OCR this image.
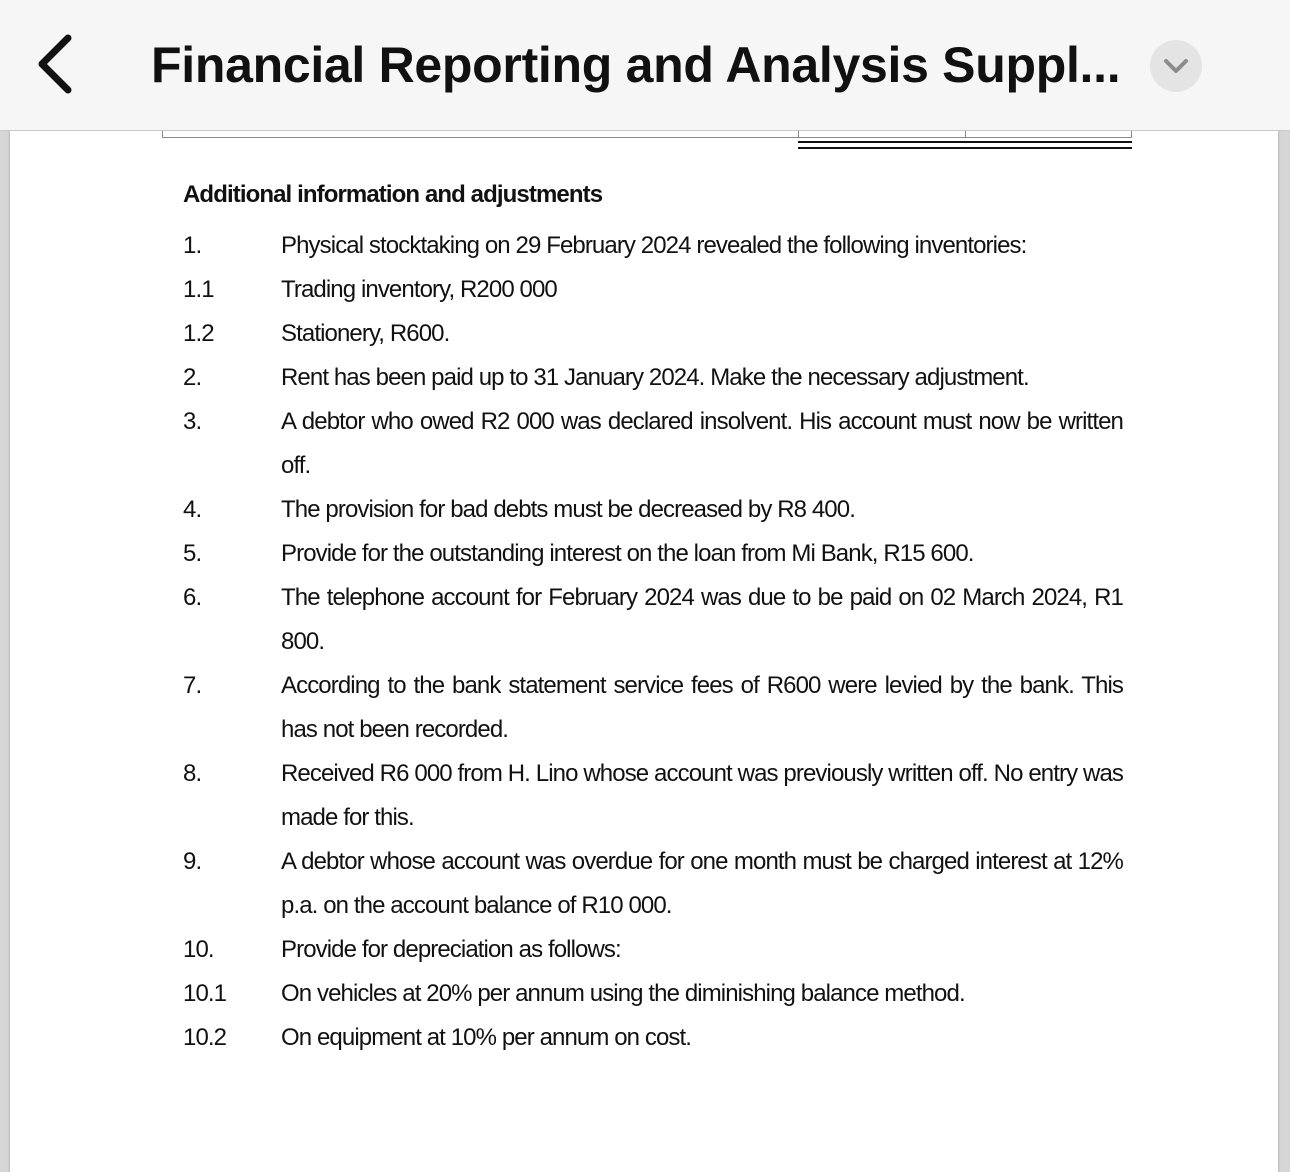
Additional information and adjustments
1.	Physical stocktaking on 29 February 2024 revealed the following inventories:
1.1	Trading inventory, R200 000
1.2	Stationery, R600.
2.	Rent has been paid up to 31 January 2024. Make the necessary adjustment.
3.	A debtor who owed R2 000 was declared insolvent. His account must now be written off.
4.	The provision for bad debts must be decreased by R8 400.
5.	Provide for the outstanding interest on the loan from Mi Bank, R15 600.
6.	The telephone account for February 2024 was due to be paid on 02 March 2024, R1 800.
7.	According to the bank statement service fees of R600 were levied by the bank. This has not been recorded.
8.	Received R6 000 from H. Lino whose account was previously written off. No entry was made for this.
9.	A debtor whose account was overdue for one month must be charged interest at 12% p.a. on the account balance of R10 000.
10.	Provide for depreciation as follows:
10.1	On vehicles at 20% per annum using the diminishing balance method.
10.2	On equipment at 10% per annum on cost.
Financial Reporting and Analysis Suppl...
